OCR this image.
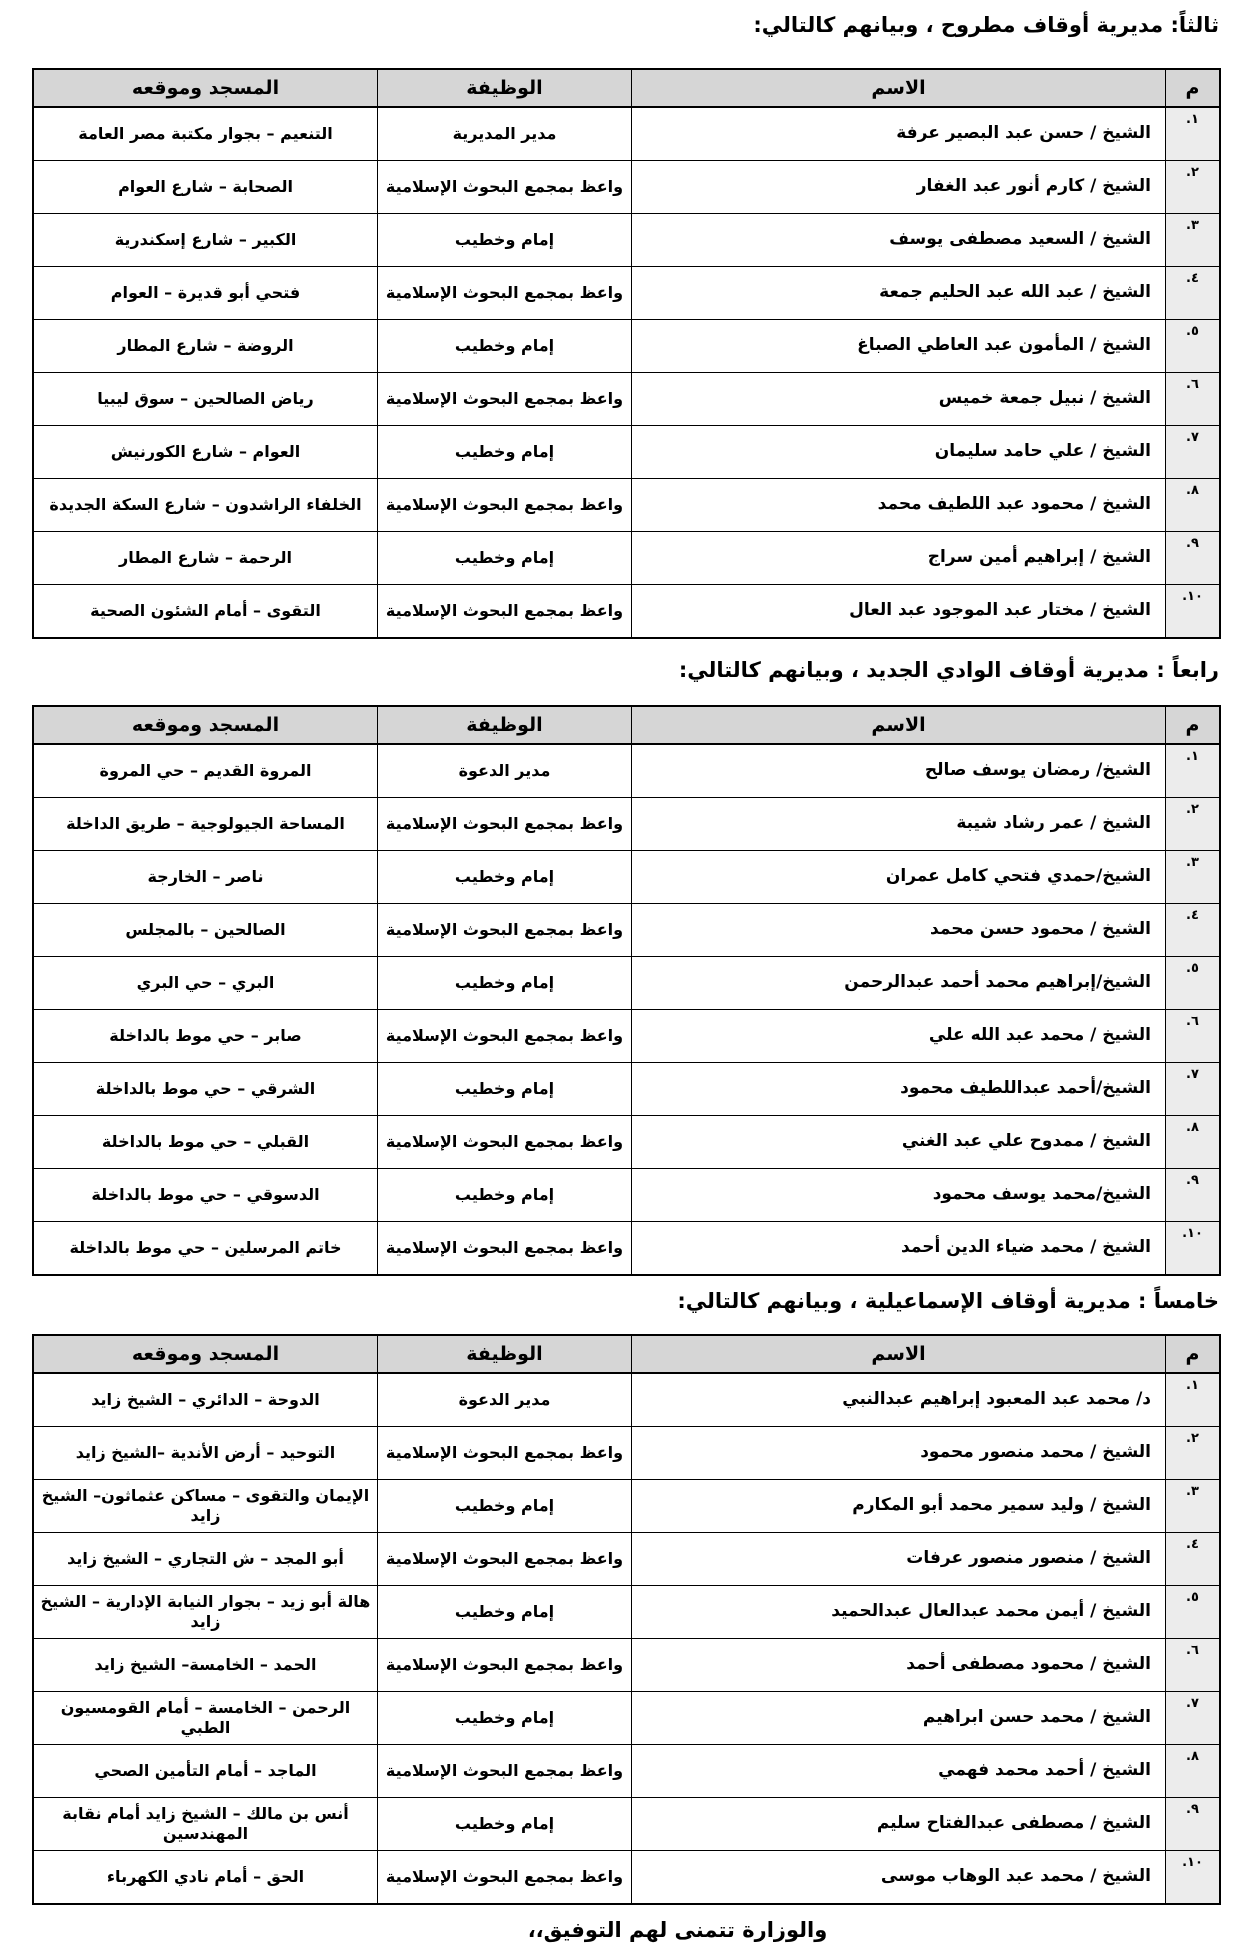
ثالثاً: مديرية أوقاف مطروح ، وبيانهم كالتالي:
م	الاسم	الوظيفة	المسجد وموقعه
١.	الشيخ / حسن عبد البصير عرفة	مدير المديرية	التنعيم – بجوار مكتبة مصر العامة
٢.	الشيخ / كارم أنور عبد الغفار	واعظ بمجمع البحوث الإسلامية	الصحابة – شارع العوام
٣.	الشيخ / السعيد مصطفى يوسف	إمام وخطيب	الكبير – شارع إسكندرية
٤.	الشيخ / عبد الله عبد الحليم جمعة	واعظ بمجمع البحوث الإسلامية	فتحي أبو قديرة – العوام
٥.	الشيخ / المأمون عبد العاطي الصباغ	إمام وخطيب	الروضة – شارع المطار
٦.	الشيخ / نبيل جمعة خميس	واعظ بمجمع البحوث الإسلامية	رياض الصالحين – سوق ليبيا
٧.	الشيخ / علي حامد سليمان	إمام وخطيب	العوام – شارع الكورنيش
٨.	الشيخ / محمود عبد اللطيف محمد	واعظ بمجمع البحوث الإسلامية	الخلفاء الراشدون – شارع السكة الجديدة
٩.	الشيخ / إبراهيم أمين سراج	إمام وخطيب	الرحمة – شارع المطار
١٠.	الشيخ / مختار عبد الموجود عبد العال	واعظ بمجمع البحوث الإسلامية	التقوى – أمام الشئون الصحية
رابعاً : مديرية أوقاف الوادي الجديد ، وبيانهم كالتالي:
م	الاسم	الوظيفة	المسجد وموقعه
١.	الشيخ/ رمضان يوسف صالح	مدير الدعوة	المروة القديم – حي المروة
٢.	الشيخ / عمر رشاد شيبة	واعظ بمجمع البحوث الإسلامية	المساحة الجيولوجية – طريق الداخلة
٣.	الشيخ/حمدي فتحي كامل عمران	إمام وخطيب	ناصر – الخارجة
٤.	الشيخ / محمود حسن محمد	واعظ بمجمع البحوث الإسلامية	الصالحين – بالمجلس
٥.	الشيخ/إبراهيم محمد أحمد عبدالرحمن	إمام وخطيب	البري – حي البري
٦.	الشيخ / محمد عبد الله علي	واعظ بمجمع البحوث الإسلامية	صابر – حي موط بالداخلة
٧.	الشيخ/أحمد عبداللطيف محمود	إمام وخطيب	الشرقي – حي موط بالداخلة
٨.	الشيخ / ممدوح علي عبد الغني	واعظ بمجمع البحوث الإسلامية	القبلي – حي موط بالداخلة
٩.	الشيخ/محمد يوسف محمود	إمام وخطيب	الدسوقي – حي موط بالداخلة
١٠.	الشيخ / محمد ضياء الدين أحمد	واعظ بمجمع البحوث الإسلامية	خاتم المرسلين – حي موط بالداخلة
خامساً : مديرية أوقاف الإسماعيلية ، وبيانهم كالتالي:
م	الاسم	الوظيفة	المسجد وموقعه
١.	د/ محمد عبد المعبود إبراهيم عبدالنبي	مدير الدعوة	الدوحة – الدائري – الشيخ زايد
٢.	الشيخ / محمد منصور محمود	واعظ بمجمع البحوث الإسلامية	التوحيد – أرض الأندية –الشيخ زايد
٣.	الشيخ / وليد سمير محمد أبو المكارم	إمام وخطيب	الإيمان والتقوى – مساكن عثماثون– الشيخ زايد
٤.	الشيخ / منصور منصور عرفات	واعظ بمجمع البحوث الإسلامية	أبو المجد – ش التجاري – الشيخ زايد
٥.	الشيخ / أيمن محمد عبدالعال عبدالحميد	إمام وخطيب	هالة أبو زيد – بجوار النيابة الإدارية – الشيخ زايد
٦.	الشيخ / محمود مصطفى أحمد	واعظ بمجمع البحوث الإسلامية	الحمد – الخامسة– الشيخ زايد
٧.	الشيخ / محمد حسن ابراهيم	إمام وخطيب	الرحمن – الخامسة – أمام القومسيون الطبي
٨.	الشيخ / أحمد محمد فهمي	واعظ بمجمع البحوث الإسلامية	الماجد – أمام التأمين الصحي
٩.	الشيخ / مصطفى عبدالفتاح سليم	إمام وخطيب	أنس بن مالك – الشيخ زايد أمام نقابة المهندسين
١٠.	الشيخ / محمد عبد الوهاب موسى	واعظ بمجمع البحوث الإسلامية	الحق – أمام نادي الكهرباء
والوزارة تتمنى لهم التوفيق،،
